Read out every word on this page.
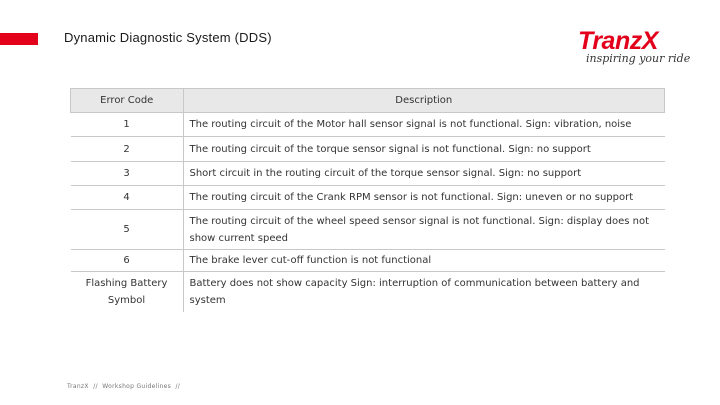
Dynamic Diagnostic System (DDS)	TranzX
inspiring your ride
Error Code	Description
1	The routing circuit of the Motor hall sensor signal is not functional. Sign: vibration, noise
2	The routing circuit of the torque sensor signal is not functional. Sign: no support
3	Short circuit in the routing circuit of the torque sensor signal. Sign: no support
4	The routing circuit of the Crank RPM sensor is not functional. Sign: uneven or no support
5	The routing circuit of the wheel speed sensor signal is not functional. Sign: display does not show current speed
6	The brake lever cut-off function is not functional
Flashing Battery Symbol	Battery does not show capacity Sign: interruption of communication between battery and system
TranzX  //  Workshop Guidelines  //
